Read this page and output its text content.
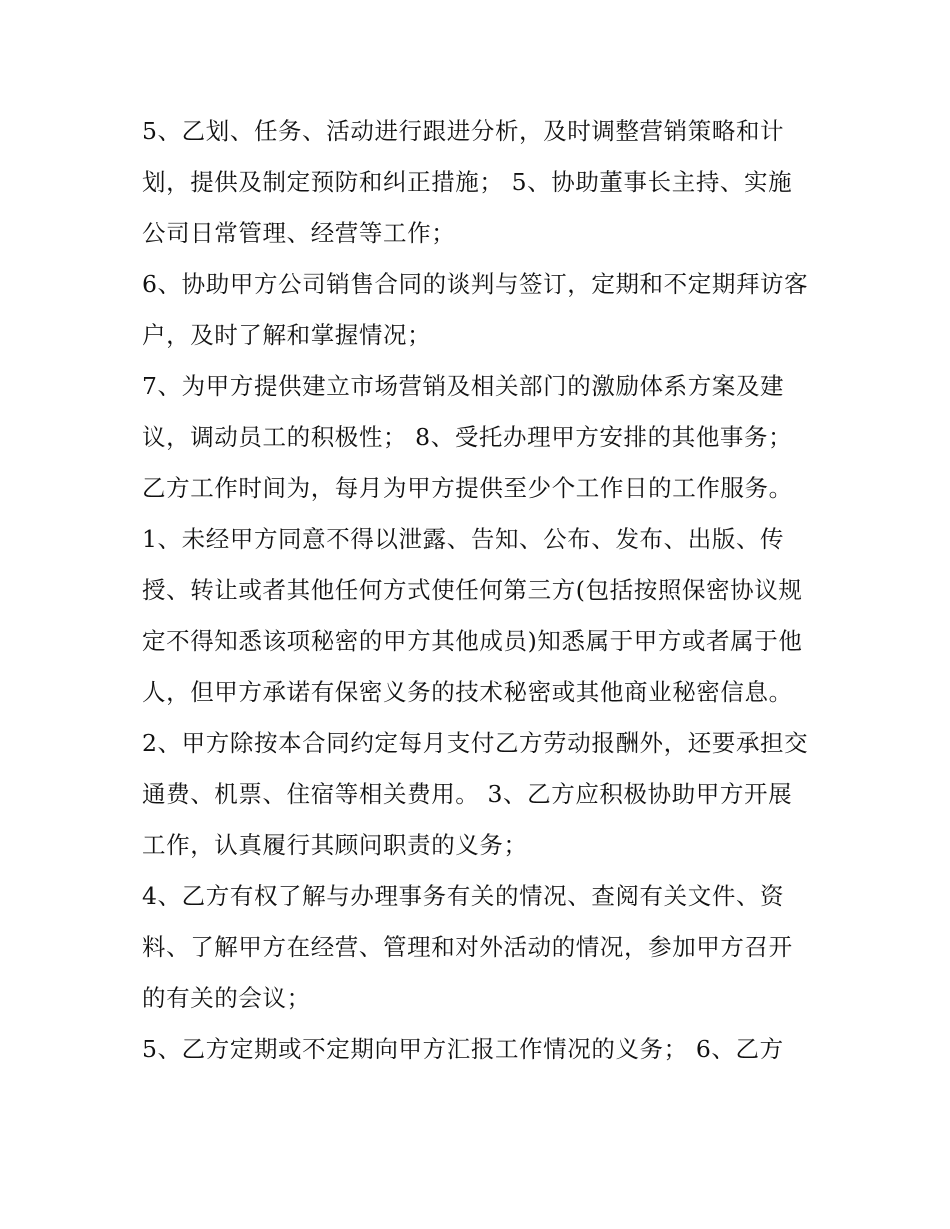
5、乙划、任务、活动进行跟进分析，及时调整营销策略和计划，提供及制定预防和纠正措施； 5、协助董事长主持、实施公司日常管理、经营等工作；

6、协助甲方公司销售合同的谈判与签订，定期和不定期拜访客户，及时了解和掌握情况；

7、为甲方提供建立市场营销及相关部门的激励体系方案及建议，调动员工的积极性； 8、受托办理甲方安排的其他事务；乙方工作时间为，每月为甲方提供至少个工作日的工作服务。

1、未经甲方同意不得以泄露、告知、公布、发布、出版、传授、转让或者其他任何方式使任何第三方(包括按照保密协议规定不得知悉该项秘密的甲方其他成员)知悉属于甲方或者属于他人，但甲方承诺有保密义务的技术秘密或其他商业秘密信息。

2、甲方除按本合同约定每月支付乙方劳动报酬外，还要承担交通费、机票、住宿等相关费用。 3、乙方应积极协助甲方开展工作，认真履行其顾问职责的义务；

4、乙方有权了解与办理事务有关的情况、查阅有关文件、资料、了解甲方在经营、管理和对外活动的情况，参加甲方召开的有关的会议；

5、乙方定期或不定期向甲方汇报工作情况的义务； 6、乙方
